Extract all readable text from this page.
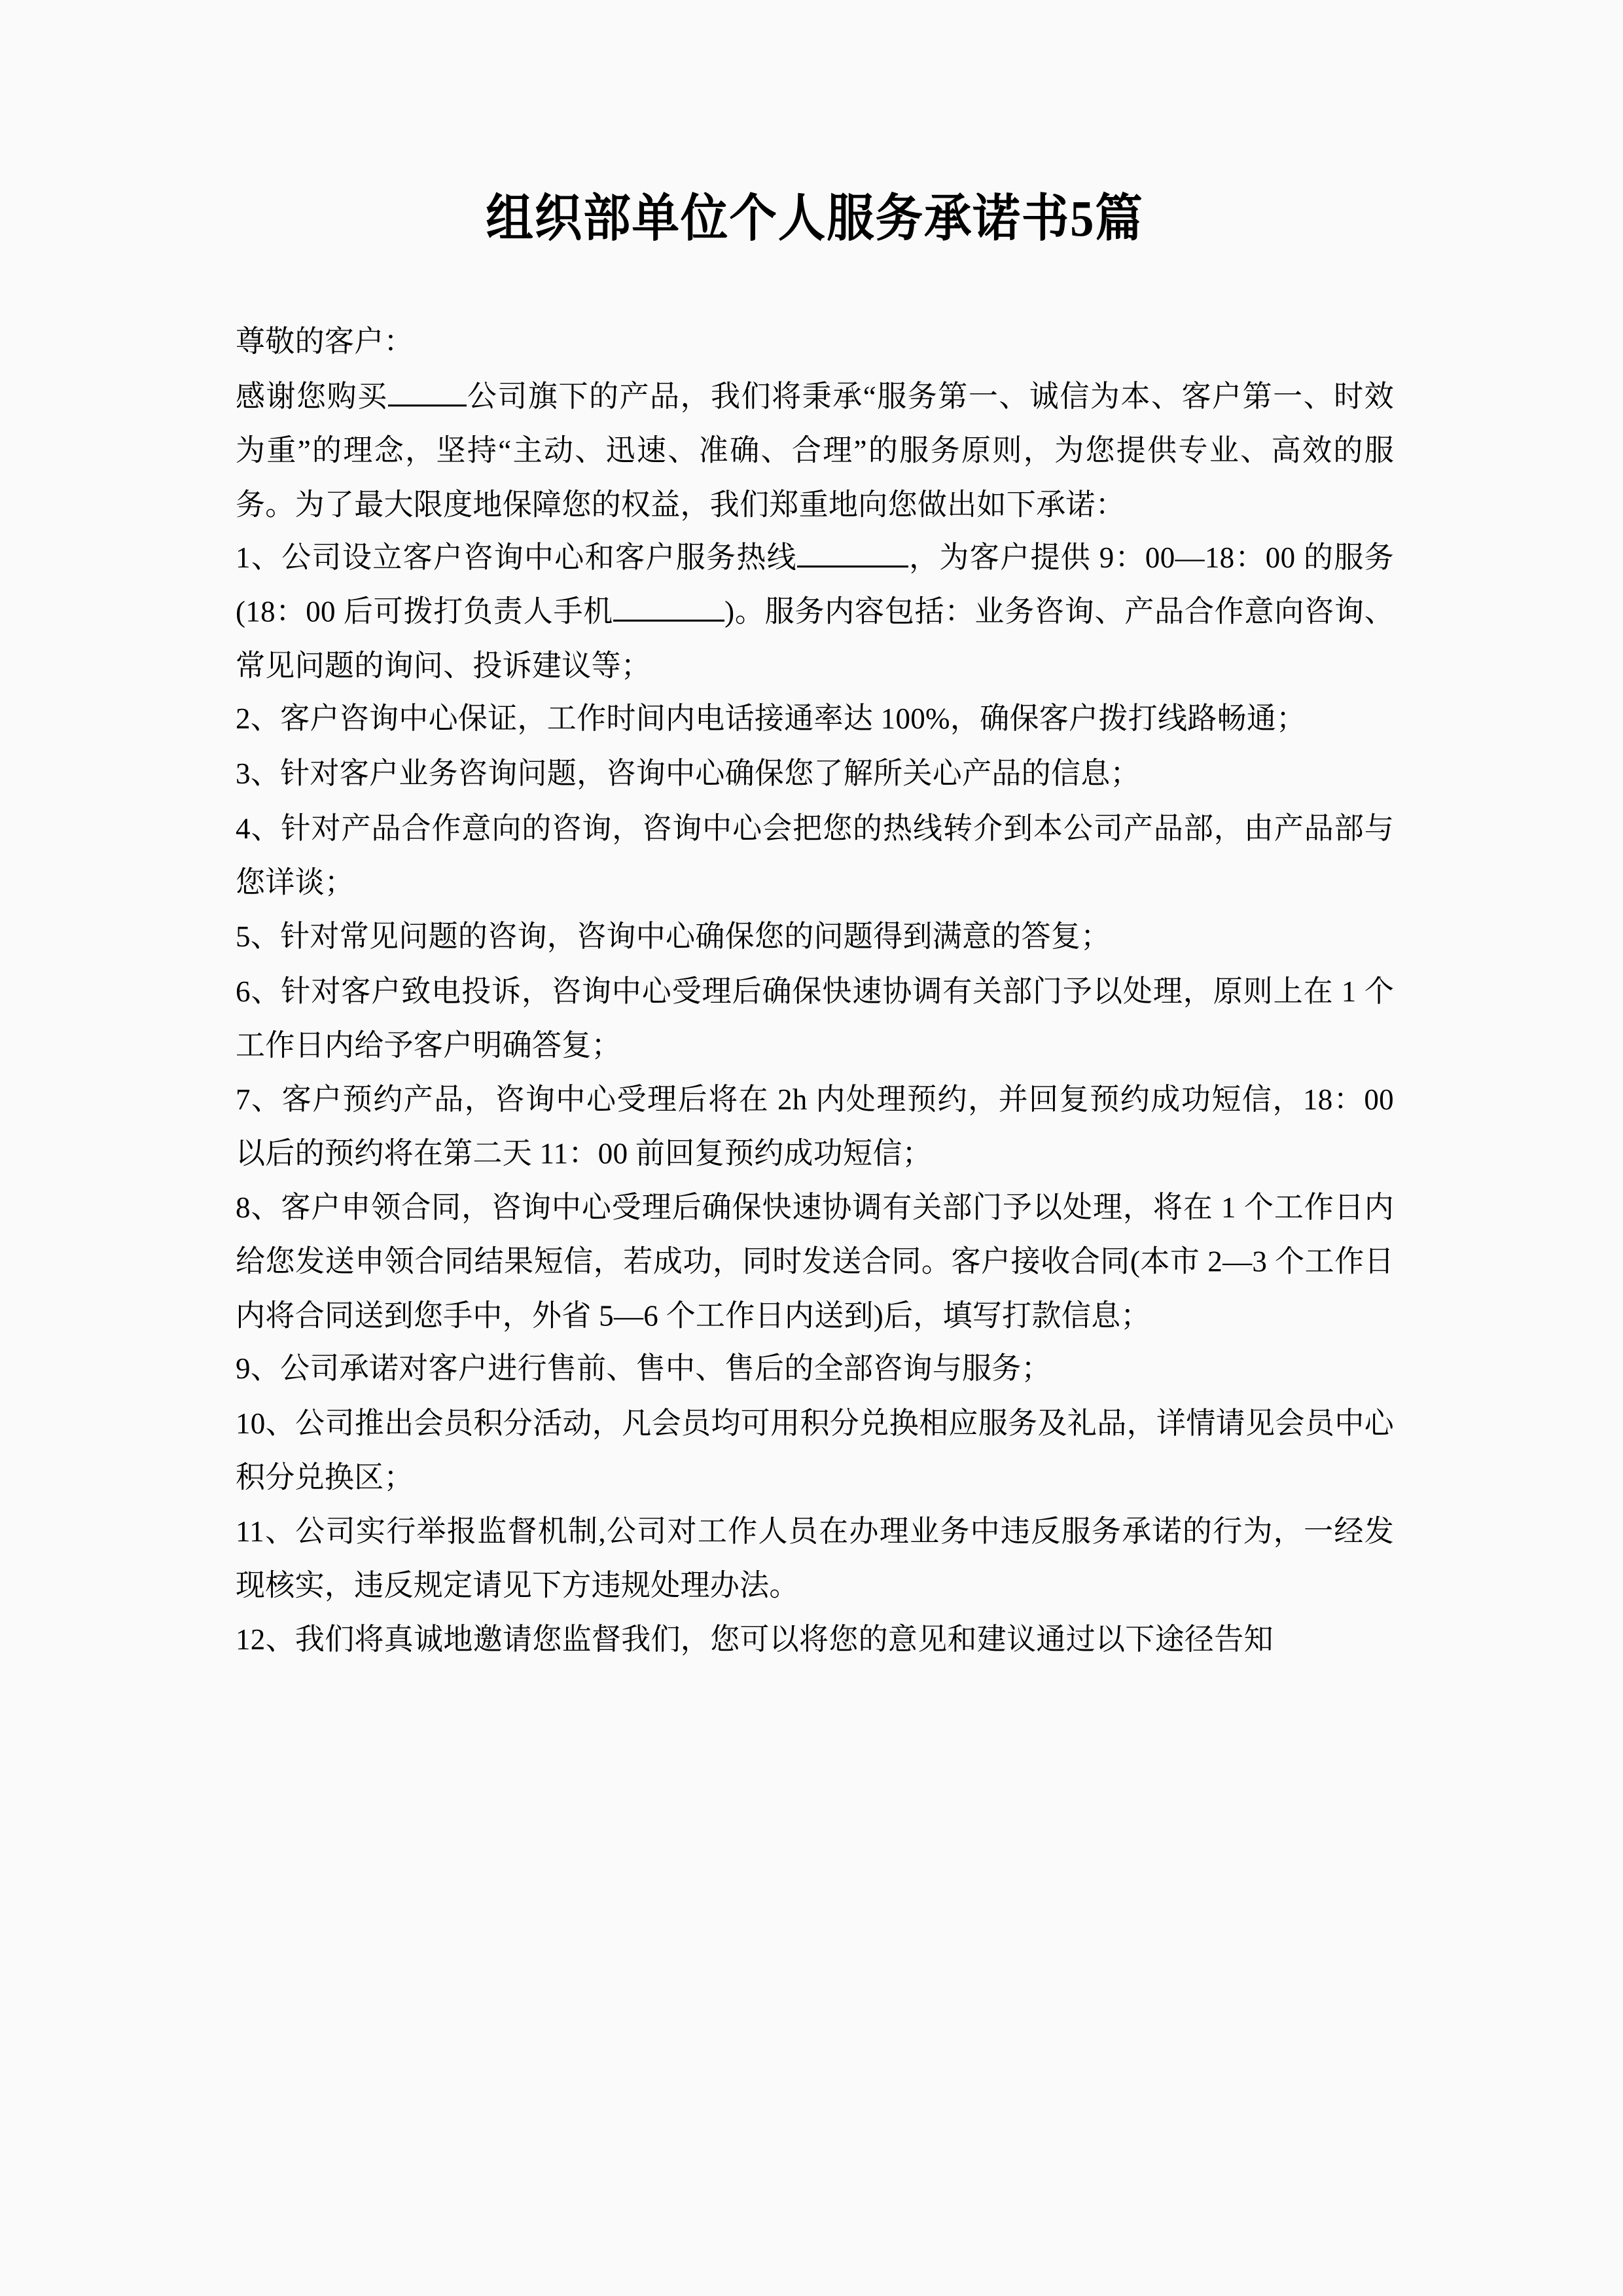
组织部单位个人服务承诺书5篇

尊敬的客户：

感谢您购买	公司旗下的产品，我们将秉承“服务第一、诚信为本、客户第一、时效为重”的理念，坚持“主动、迅速、准确、合理”的服务原则，为您提供专业、高效的服务。为了最大限度地保障您的权益，我们郑重地向您做出如下承诺：

1、公司设立客户咨询中心和客户服务热线	，为客户提供 9：00—18：00 的服务(18：00 后可拨打负责人手机	)。服务内容包括：业务咨询、产品合作意向咨询、常见问题的询问、投诉建议等；

2、客户咨询中心保证，工作时间内电话接通率达 100%，确保客户拨打线路畅通；

3、针对客户业务咨询问题，咨询中心确保您了解所关心产品的信息；

4、针对产品合作意向的咨询，咨询中心会把您的热线转介到本公司产品部，由产品部与您详谈；

5、针对常见问题的咨询，咨询中心确保您的问题得到满意的答复；

6、针对客户致电投诉，咨询中心受理后确保快速协调有关部门予以处理，原则上在 1 个工作日内给予客户明确答复；

7、客户预约产品，咨询中心受理后将在 2h 内处理预约，并回复预约成功短信，18：00 以后的预约将在第二天 11：00 前回复预约成功短信；

8、客户申领合同，咨询中心受理后确保快速协调有关部门予以处理，将在 1 个工作日内给您发送申领合同结果短信，若成功，同时发送合同。客户接收合同(本市 2—3 个工作日内将合同送到您手中，外省 5—6 个工作日内送到)后，填写打款信息；

9、公司承诺对客户进行售前、售中、售后的全部咨询与服务；

10、公司推出会员积分活动，凡会员均可用积分兑换相应服务及礼品，详情请见会员中心积分兑换区；

11、公司实行举报监督机制,公司对工作人员在办理业务中违反服务承诺的行为，一经发现核实，违反规定请见下方违规处理办法。

12、我们将真诚地邀请您监督我们，您可以将您的意见和建议通过以下途径告知
